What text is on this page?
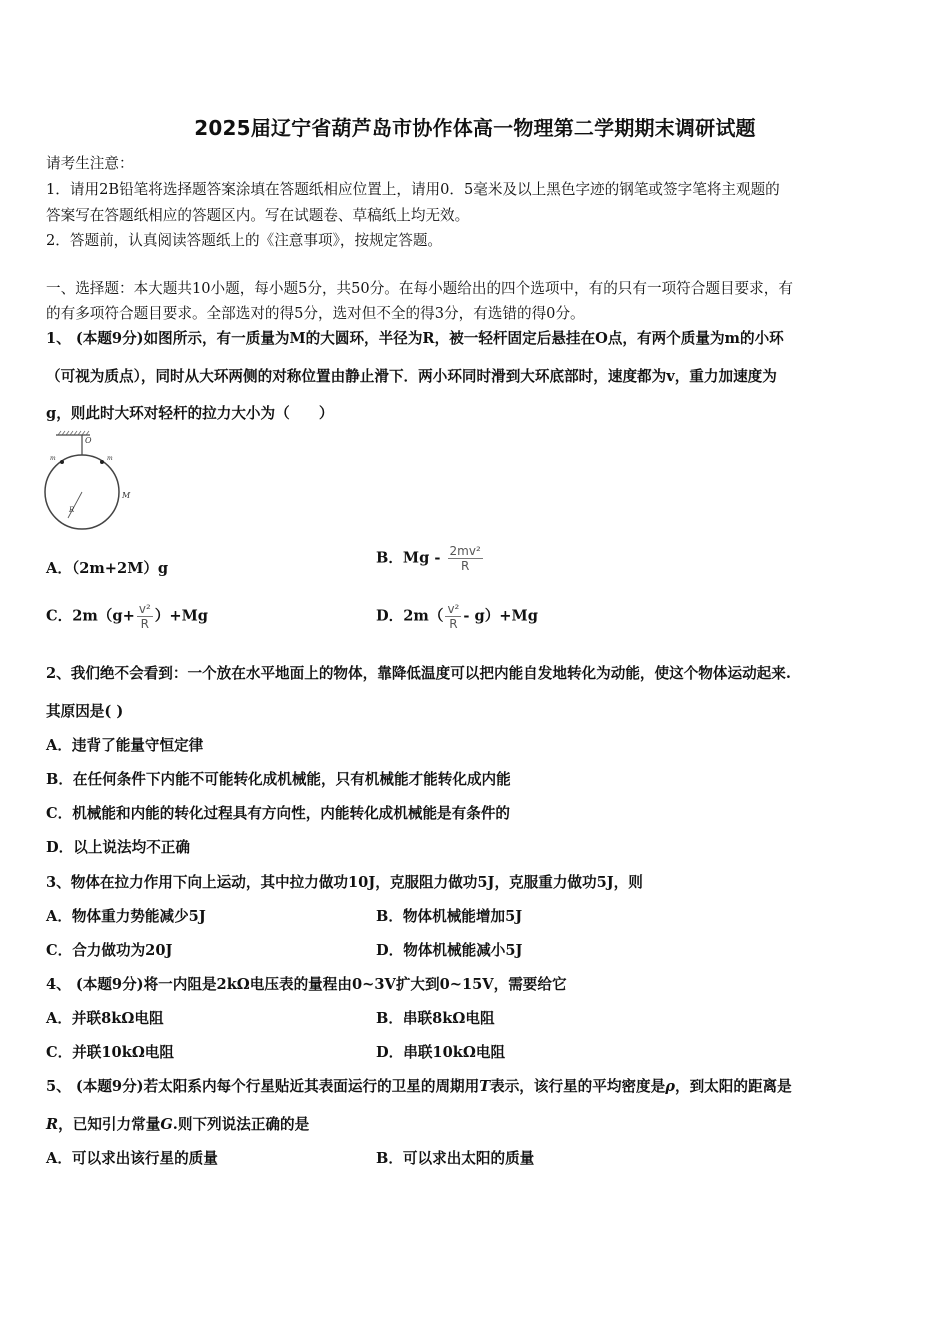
2025届辽宁省葫芦岛市协作体高一物理第二学期期末调研试题
请考生注意：
1．请用2B铅笔将选择题答案涂填在答题纸相应位置上，请用0．5毫米及以上黑色字迹的钢笔或签字笔将主观题的
答案写在答题纸相应的答题区内。写在试题卷、草稿纸上均无效。
2．答题前，认真阅读答题纸上的《注意事项》，按规定答题。
一、选择题：本大题共10小题，每小题5分，共50分。在每小题给出的四个选项中，有的只有一项符合题目要求，有
的有多项符合题目要求。全部选对的得5分，选对但不全的得3分，有选错的得0分。
1、 (本题9分)如图所示，有一质量为M的大圆环，半径为R，被一轻杆固定后悬挂在O点，有两个质量为m的小环
（可视为质点），同时从大环两侧的对称位置由静止滑下．两小环同时滑到大环底部时，速度都为v，重力加速度为
g，则此时大环对轻杆的拉力大小为（　　）
O
m	m
M
R
A．（2m+2M）g
B．Mg - $\frac{\text{2mv²}}{R}$
C．$2m(g+ \frac{\text{v²}}{R} )+Mg$	D．$2m( \frac{\text{v²}}{R} - g)+Mg$
2、我们绝不会看到：一个放在水平地面上的物体，靠降低温度可以把内能自发地转化为动能，使这个物体运动起来.
其原因是( )
A．违背了能量守恒定律
B．在任何条件下内能不可能转化成机械能，只有机械能才能转化成内能
C．机械能和内能的转化过程具有方向性，内能转化成机械能是有条件的
D．以上说法均不正确
3、物体在拉力作用下向上运动，其中拉力做功10J，克服阻力做功5J，克服重力做功5J，则
A．物体重力势能减少5J	B．物体机械能增加5J
C．合力做功为20J	D．物体机械能减小5J
4、 (本题9分)将一内阻是2kΩ电压表的量程由0~3V扩大到0~15V，需要给它
A．并联8kΩ电阻	B．串联8kΩ电阻
C．并联10kΩ电阻	D．串联10kΩ电阻
5、 (本题9分)若太阳系内每个行星贴近其表面运行的卫星的周期用T表示，该行星的平均密度是ρ，到太阳的距离是
R，已知引力常量G.则下列说法正确的是
A．可以求出该行星的质量	B．可以求出太阳的质量
